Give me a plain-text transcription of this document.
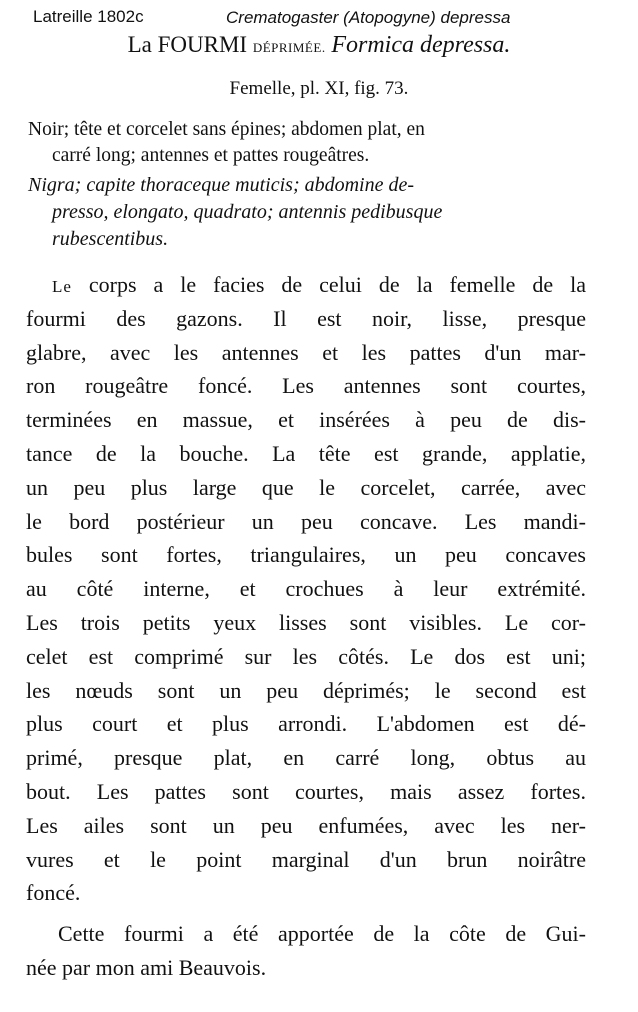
Latreille 1802c	Crematogaster (Atopogyne) depressa
La FOURMI DÉPRIMÉE. Formica depressa.
Femelle, pl. XI, fig. 73.
Noir; tête et corcelet sans épines; abdomen plat, en
carré long; antennes et pattes rougeâtres.
Nigra; capite thoraceque muticis; abdomine de-
presso, elongato, quadrato; antennis pedibusque
rubescentibus.
Le corps a le facies de celui de la femelle de la
fourmi des gazons. Il est noir, lisse, presque
glabre, avec les antennes et les pattes d'un mar-
ron rougeâtre foncé. Les antennes sont courtes,
terminées en massue, et insérées à peu de dis-
tance de la bouche. La tête est grande, applatie,
un peu plus large que le corcelet, carrée, avec
le bord postérieur un peu concave. Les mandi-
bules sont fortes, triangulaires, un peu concaves
au côté interne, et crochues à leur extrémité.
Les trois petits yeux lisses sont visibles. Le cor-
celet est comprimé sur les côtés. Le dos est uni;
les nœuds sont un peu déprimés; le second est
plus court et plus arrondi. L'abdomen est dé-
primé, presque plat, en carré long, obtus au
bout. Les pattes sont courtes, mais assez fortes.
Les ailes sont un peu enfumées, avec les ner-
vures et le point marginal d'un brun noirâtre
foncé.
Cette fourmi a été apportée de la côte de Gui-
née par mon ami Beauvois.
